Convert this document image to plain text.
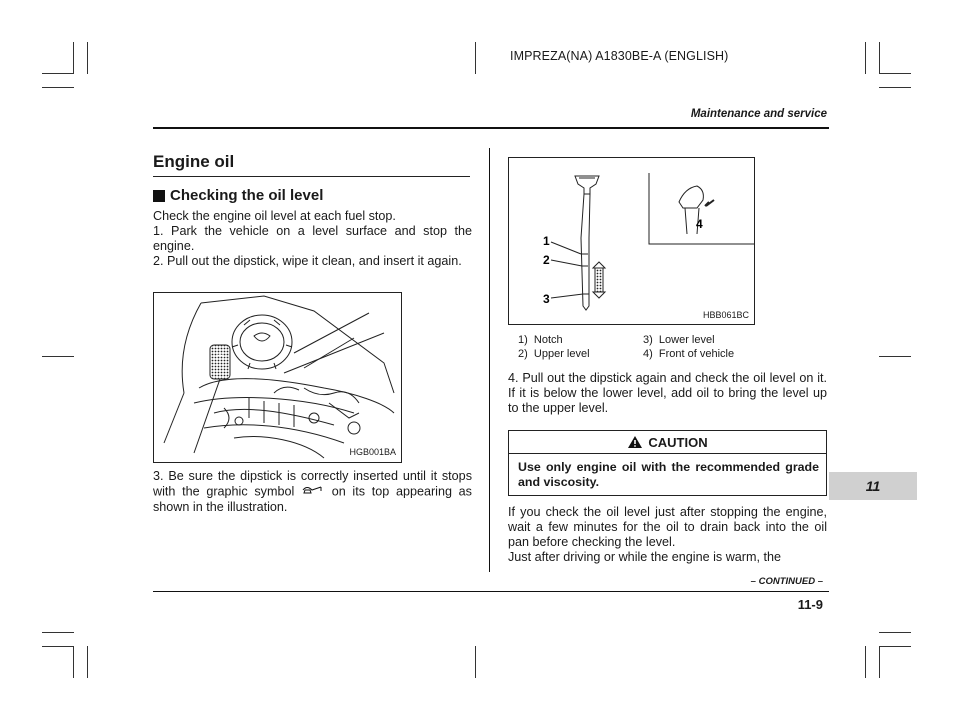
IMPREZA(NA) A1830BE-A (ENGLISH)
Maintenance and service
Engine oil
Checking the oil level
Check the engine oil level at each fuel stop.
1. Park the vehicle on a level surface and stop the engine.
2. Pull out the dipstick, wipe it clean, and insert it again.
HGB001BA
3. Be sure the dipstick is correctly inserted until it stops with the graphic symbol	on its top appearing as shown in the illustration.
1
2
3
4
HBB061BC
1) Notch
2) Upper level
3) Lower level
4) Front of vehicle
4. Pull out the dipstick again and check the oil level on it. If it is below the lower level, add oil to bring the level up to the upper level.
CAUTION
Use only engine oil with the recommended grade and viscosity.
If you check the oil level just after stopping the engine, wait a few minutes for the oil to drain back into the oil pan before checking the level.
Just after driving or while the engine is warm, the
11
– CONTINUED –
11-9
